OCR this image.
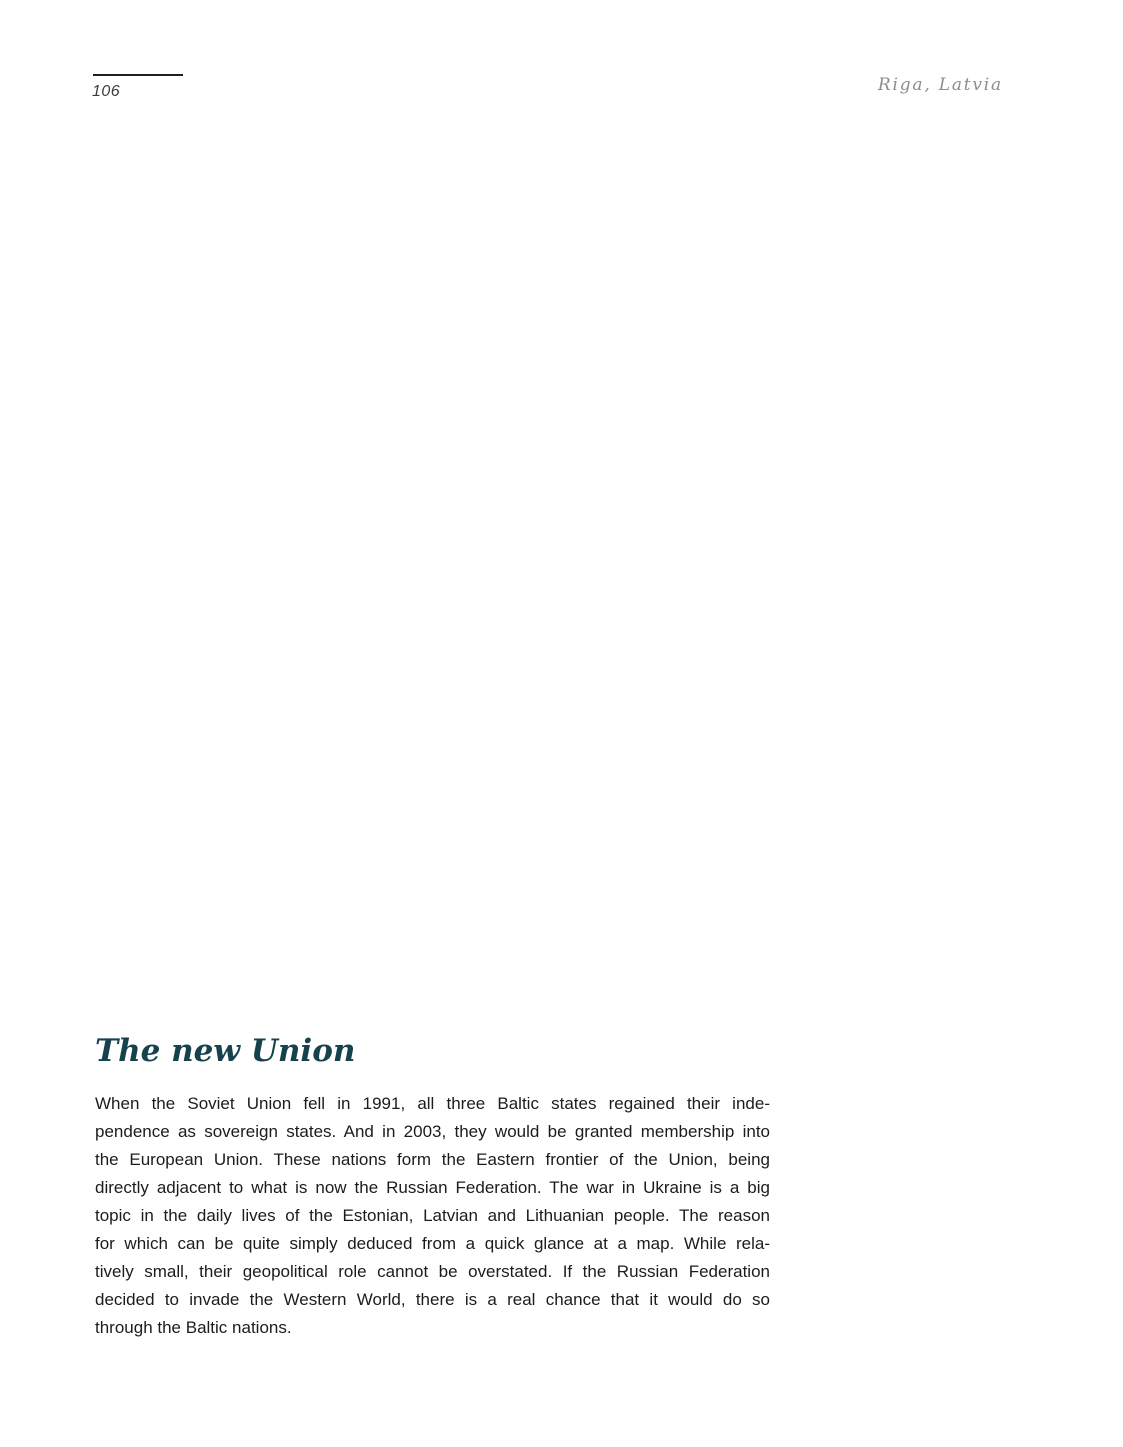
106	Riga, Latvia
The new Union
When the Soviet Union fell in 1991, all three Baltic states regained their inde-
pendence as sovereign states. And in 2003, they would be granted membership into
the European Union. These nations form the Eastern frontier of the Union, being
directly adjacent to what is now the Russian Federation. The war in Ukraine is a big
topic in the daily lives of the Estonian, Latvian and Lithuanian people. The reason
for which can be quite simply deduced from a quick glance at a map. While rela-
tively small, their geopolitical role cannot be overstated. If the Russian Federation
decided to invade the Western World, there is a real chance that it would do so
through the Baltic nations.
